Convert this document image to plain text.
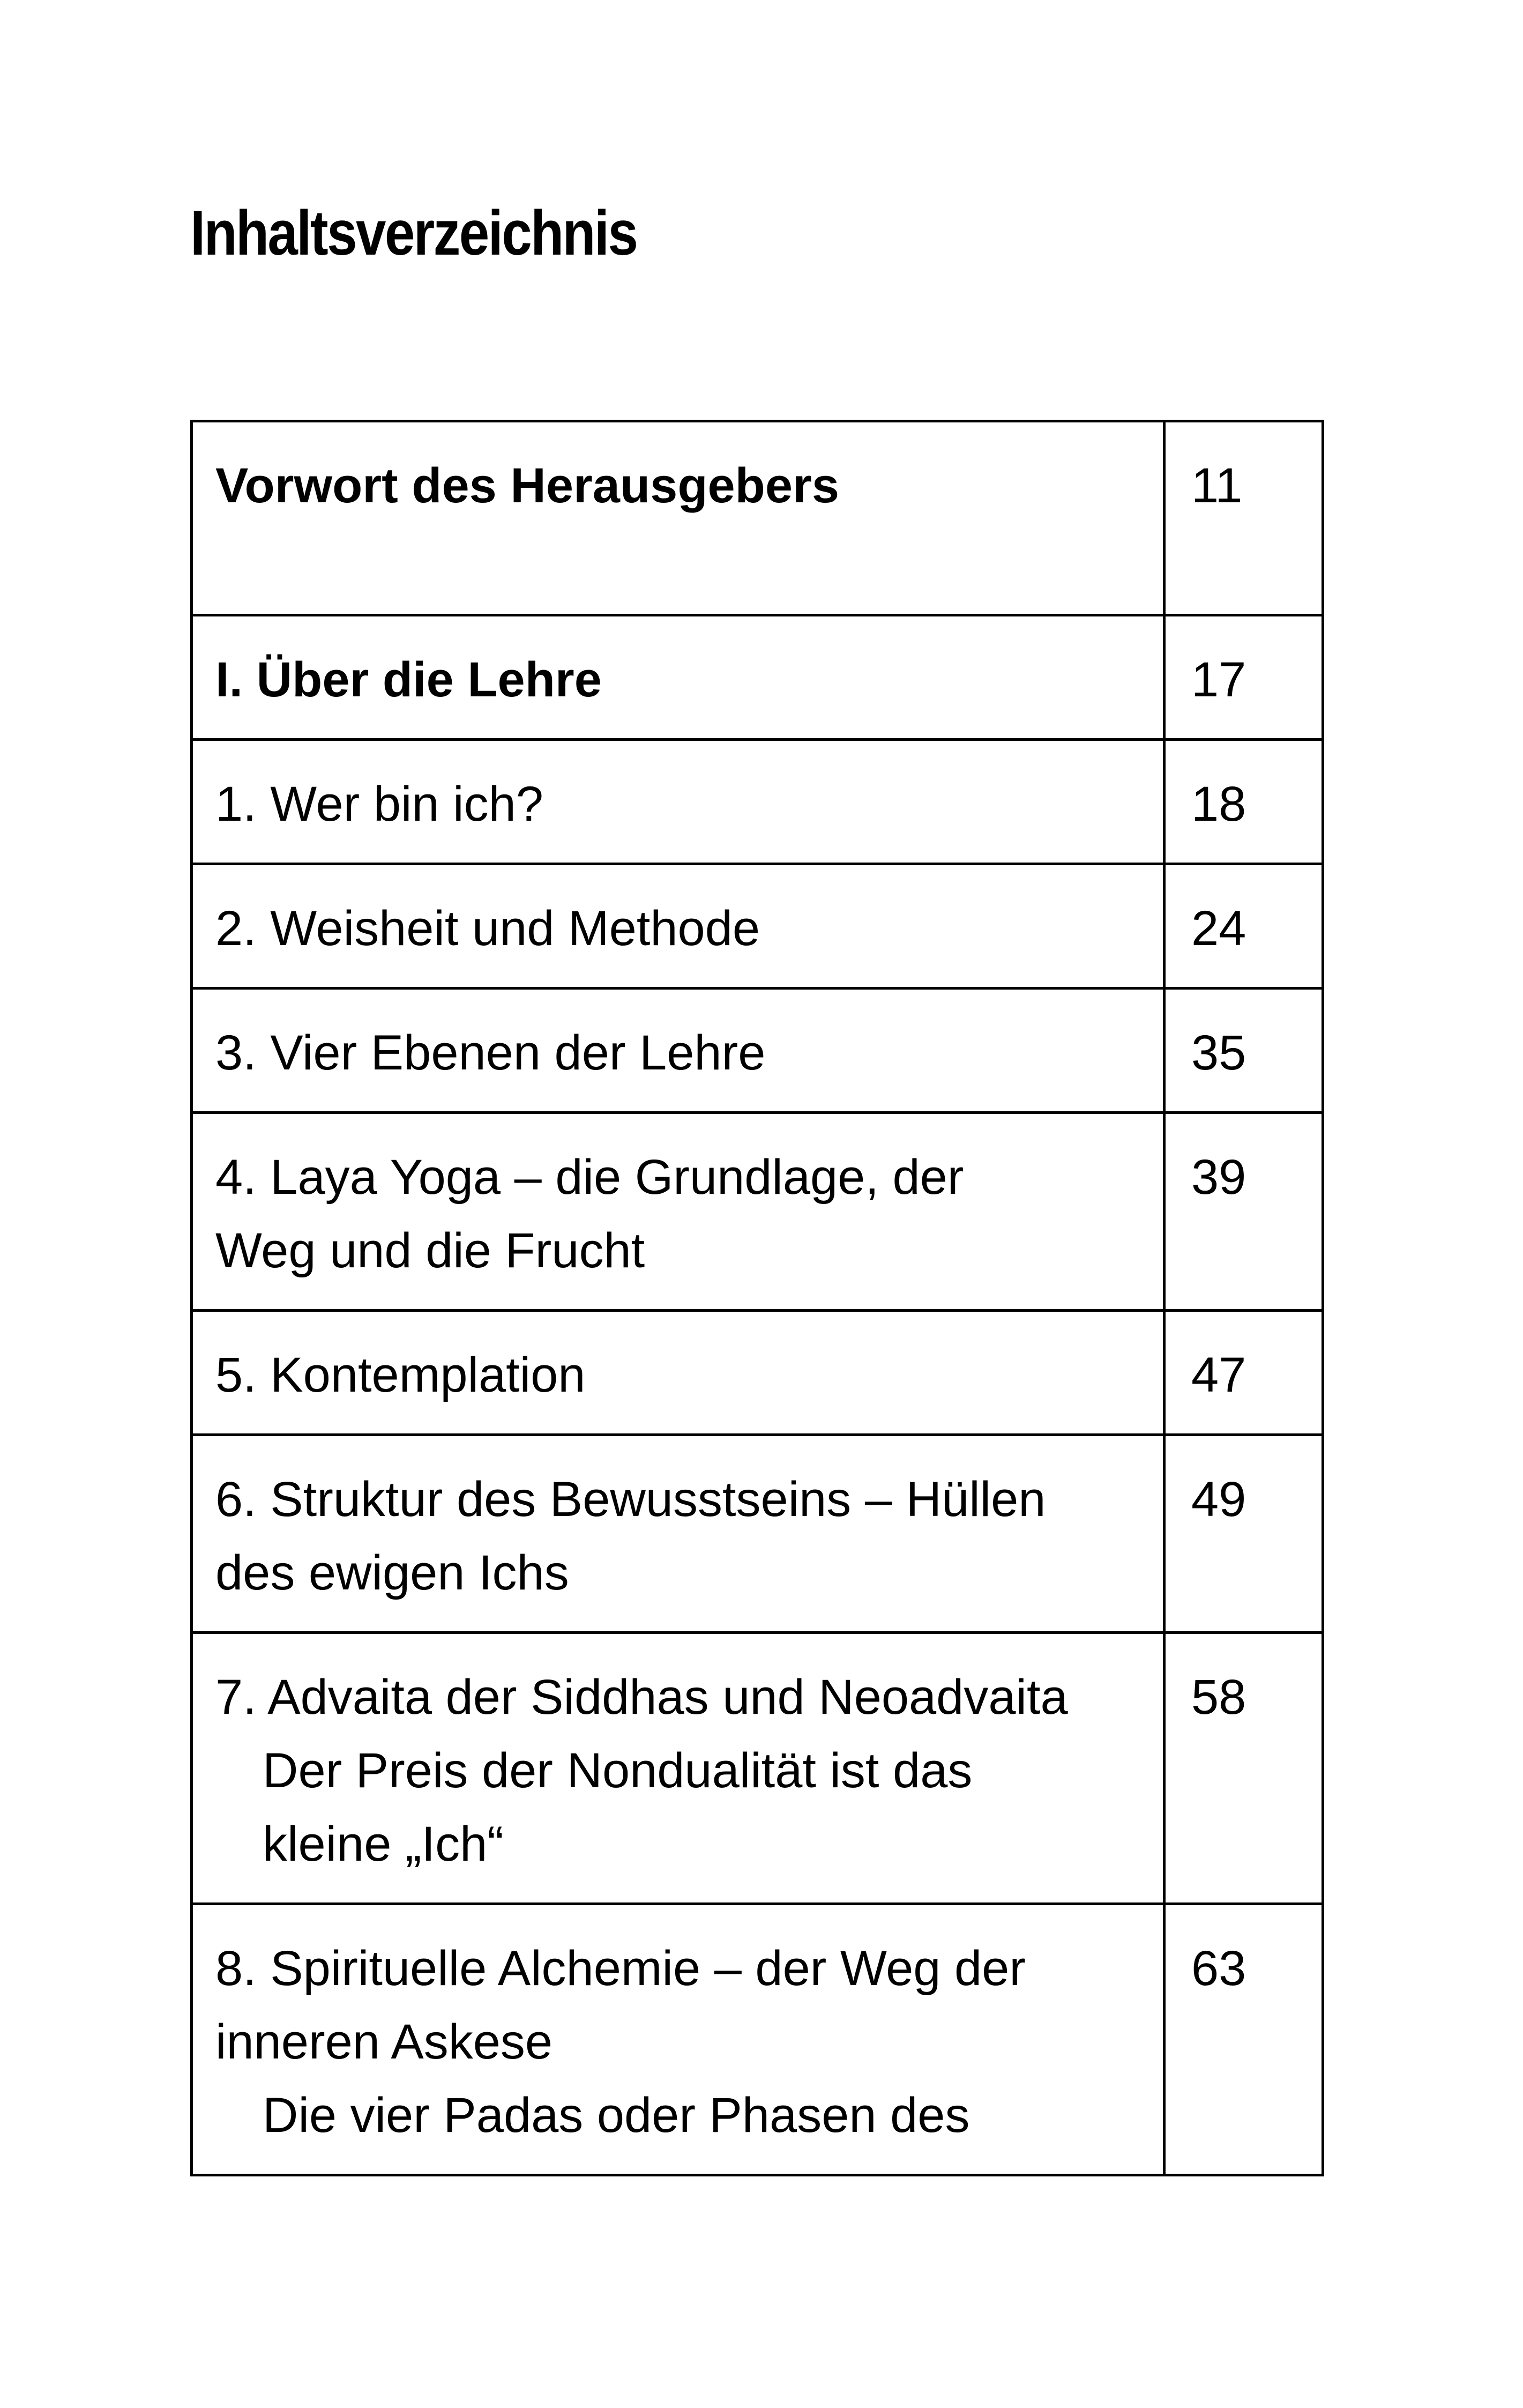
Inhaltsverzeichnis
Vorwort des Herausgebers	11

I. Über die Lehre	17

1. Wer bin ich?	18

2. Weisheit und Methode	24

3. Vier Ebenen der Lehre	35

4. Laya Yoga – die Grundlage, der
Weg und die Frucht	39

5. Kontemplation	47

6. Struktur des Bewusstseins – Hüllen
des ewigen Ichs	49

7. Advaita der Siddhas und Neoadvaita
Der Preis der Nondualität ist das
kleine „Ich“	58

8. Spirituelle Alchemie – der Weg der
inneren Askese
Die vier Padas oder Phasen des	63
